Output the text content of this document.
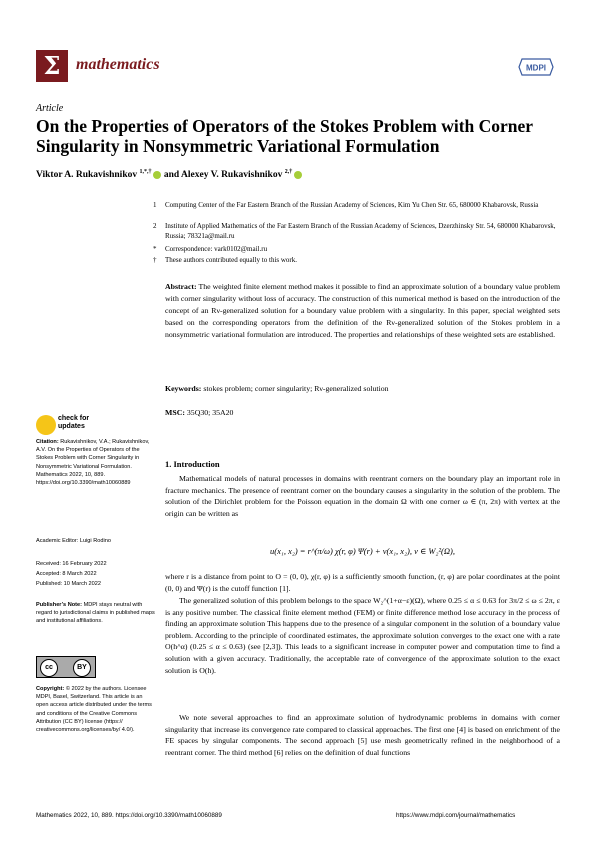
Σ mathematics	MDPI
Article
On the Properties of Operators of the Stokes Problem with Corner Singularity in Nonsymmetric Variational Formulation
Viktor A. Rukavishnikov $^{1,*,\dagger}$ and Alexey V. Rukavishnikov $^{2,\dagger}$
1 Computing Center of the Far Eastern Branch of the Russian Academy of Sciences, Kim Yu Chen Str. 65, 680000 Khabarovsk, Russia
2 Institute of Applied Mathematics of the Far Eastern Branch of the Russian Academy of Sciences, Dzerzhinsky Str. 54, 680000 Khabarovsk, Russia; 78321a@mail.ru
* Correspondence: vark0102@mail.ru
† These authors contributed equally to this work.
Abstract: The weighted finite element method makes it possible to find an approximate solution of a boundary value problem with corner singularity without loss of accuracy. The construction of this numerical method is based on the introduction of the concept of an Rν-generalized solution for a boundary value problem with a singularity. In this paper, special weighted sets based on the corresponding operators from the definition of the Rν-generalized solution of the Stokes problem in a nonsymmetric variational formulation are introduced. The properties and relationships of these weighted sets are established.
Keywords: stokes problem; corner singularity; Rν-generalized solution
MSC: 35Q30; 35A20
check for
updates
Citation: Rukavishnikov, V.A.; Rukavishnikov, A.V. On the Properties of Operators of the Stokes Problem with Corner Singularity in Nonsymmetric Variational Formulation. Mathematics 2022, 10, 889. https://doi.org/10.3390/math10060889
Academic Editor: Luigi Rodino
Received: 16 February 2022
Accepted: 8 March 2022
Published: 10 March 2022
Publisher’s Note: MDPI stays neutral with regard to jurisdictional claims in published maps and institutional affiliations.
cc	BY
Copyright: © 2022 by the authors. Licensee MDPI, Basel, Switzerland. This article is an open access article distributed under the terms and conditions of the Creative Commons Attribution (CC BY) license (https:// creativecommons.org/licenses/by/ 4.0/).
1. Introduction
Mathematical models of natural processes in domains with reentrant corners on the boundary play an important role in fracture mechanics. The presence of reentrant corner on the boundary causes a singularity in the solution of the problem. The solution of the Dirichlet problem for the Poisson equation in the domain Ω with one corner ω ∈ (π, 2π) with vertex at the origin can be written as
u(x₁, x₂) = r^(π/ω) χ(r, φ) Ψ(r) + v(x₁, x₂), v ∈ W₂²(Ω),
where r is a distance from point to O = (0, 0), χ(r, φ) is a sufficiently smooth function, (r, φ) are polar coordinates at the point (0, 0) and Ψ(r) is the cutoff function [1].
The generalized solution of this problem belongs to the space W₂^(1+α−ε)(Ω), where 0.25 ≤ α ≤ 0.63 for 3π/2 ≤ ω ≤ 2π, ε is any positive number. The classical finite element method (FEM) or finite difference method lose accuracy in the process of finding an approximate solution This happens due to the presence of a singular component in the solution of a boundary value problem. According to the principle of coordinated estimates, the approximate solution converges to the exact one with a rate O(h^α) (0.25 ≤ α ≤ 0.63) (see [2,3]). This leads to a significant increase in computer power and computation time to find a solution with a given accuracy. Traditionally, the acceptable rate of convergence of the approximate solution to the exact solution is O(h).
We note several approaches to find an approximate solution of hydrodynamic problems in domains with corner singularity that increase its convergence rate compared to classical approaches. The first one [4] is based on enrichment of the FE spaces by singular components. The second approach [5] use mesh geometrically refined in the neighborhood of a reentrant corner. The third method [6] relies on the definition of dual functions
Mathematics 2022, 10, 889. https://doi.org/10.3390/math10060889	https://www.mdpi.com/journal/mathematics
